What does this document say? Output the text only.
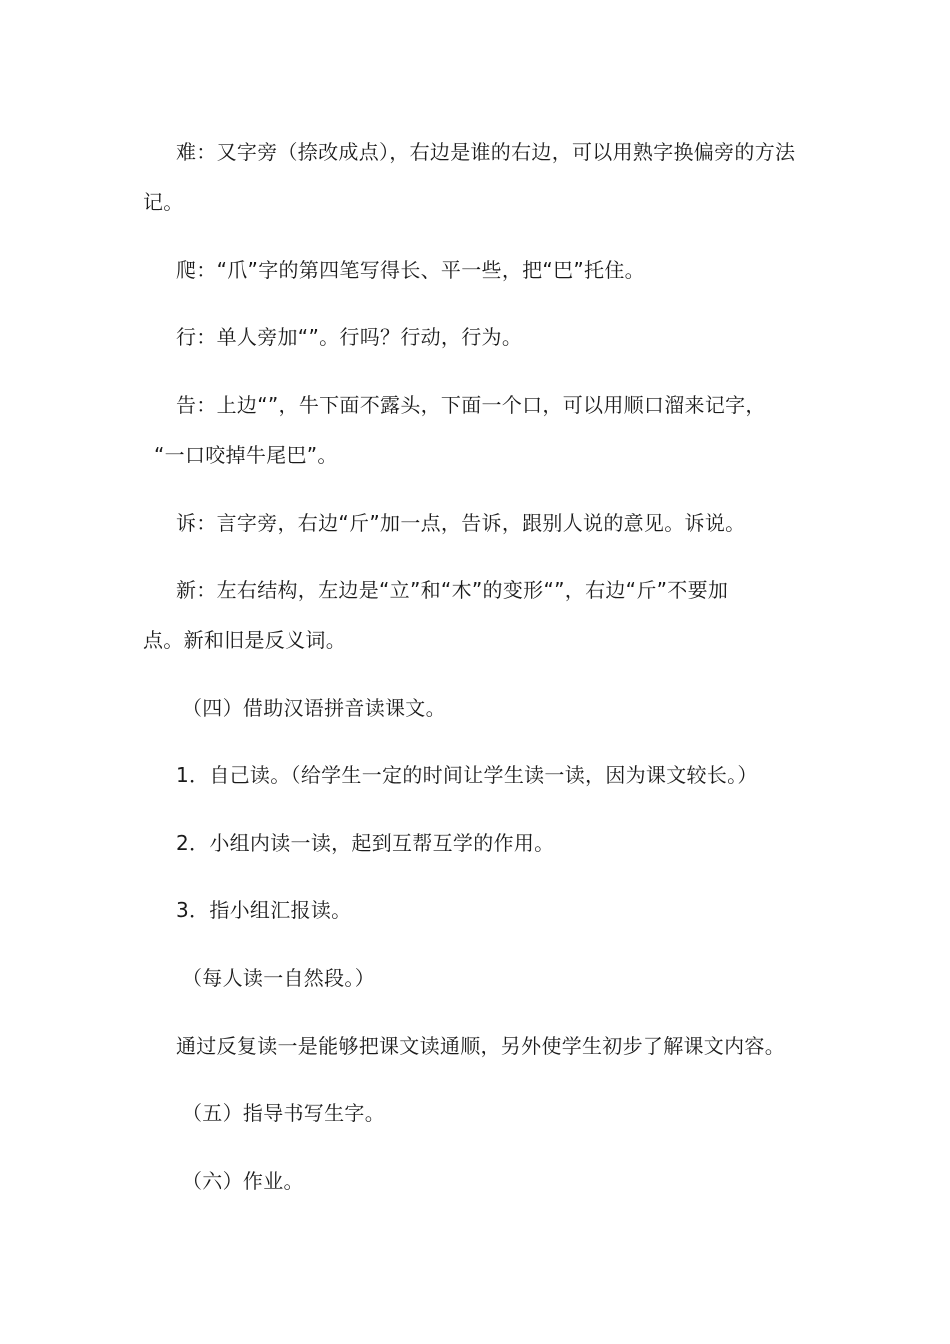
难：又字旁（捺改成点），右边是谁的右边，可以用熟字换偏旁的方法
记。
爬：“爪”字的第四笔写得长、平一些，把“巴”托住。
行：单人旁加“”。行吗？行动，行为。
告：上边“”，牛下面不露头，下面一个口，可以用顺口溜来记字，
“一口咬掉牛尾巴”。
诉：言字旁，右边“斤”加一点，告诉，跟别人说的意见。诉说。
新：左右结构，左边是“立”和“木”的变形“”，右边“斤”不要加
点。新和旧是反义词。
（四）借助汉语拼音读课文。
1．自己读。（给学生一定的时间让学生读一读，因为课文较长。）
2．小组内读一读，起到互帮互学的作用。
3．指小组汇报读。
（每人读一自然段。）
通过反复读一是能够把课文读通顺，另外使学生初步了解课文内容。
（五）指导书写生字。
（六）作业。
